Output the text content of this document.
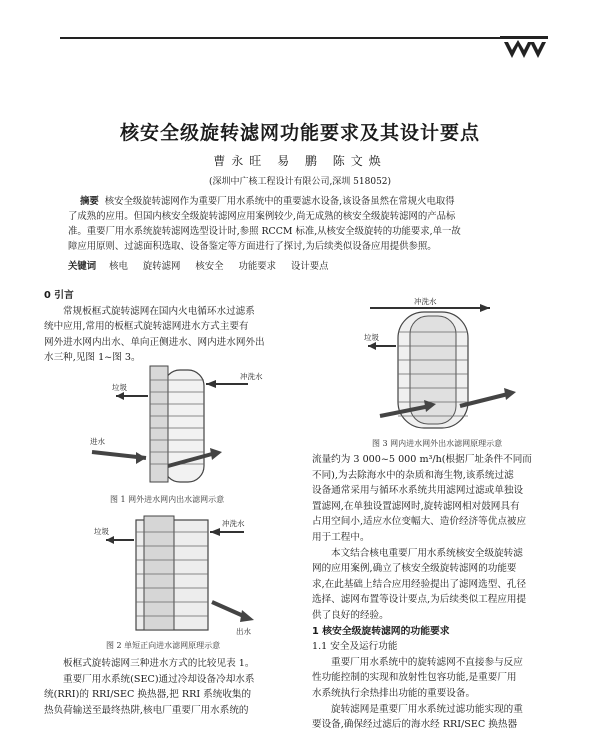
核安全级旋转滤网功能要求及其设计要点
曹永旺 易 鹏 陈文焕
(深圳中广核工程设计有限公司,深圳 518052)

摘要 核安全级旋转滤网作为重要厂用水系统中的重要滤水设备,该设备虽然在常规火电取得

了成熟的应用。但国内核安全级旋转滤网应用案例较少,尚无成熟的核安全级旋转滤网的产品标
准。重要厂用水系统旋转滤网选型设计时,参照 RCCM 标准,从核安全级旋转的功能要求,单一故
障应用原则、过滤面积选取、设备鉴定等方面进行了探讨,为后续类似设备应用提供参照。
关键词 核电 旋转滤网 核安全 功能要求 设计要点
0 引言

常规板框式旋转滤网在国内火电循环水过滤系

统中应用,常用的板框式旋转滤网进水方式主要有
网外进水网内出水、单向正侧进水、网内进水网外出
水三种,见图 1~图 3。
冲洗水
垃圾
进水
图 1 网外进水网内出水滤网示意
冲洗水
垃圾
出水
图 2 单短正向进水滤网原理示意

板框式旋转滤网三种进水方式的比较见表 1。

重要厂用水系统(SEC)通过冷却设备冷却水系

统(RRI)的 RRI/SEC 换热器,把 RRI 系统收集的
热负荷输送至最终热阱,核电厂重要厂用水系统的
冲洗水
垃圾
图 3 网内进水网外出水滤网原理示意
流量约为 3 000~5 000 m³/h(根据厂址条件不同而
不同),为去除海水中的杂质和海生物,该系统过滤
设备通常采用与循环水系统共用滤网过滤或单独设
置滤网,在单独设置滤网时,旋转滤网相对鼓网具有
占用空间小,适应水位变幅大、造价经济等优点被应
用于工程中。

本文结合核电重要厂用水系统核安全级旋转滤

网的应用案例,确立了核安全级旋转滤网的功能要
求,在此基础上结合应用经验提出了滤网选型、孔径
选择、滤网布置等设计要点,为后续类似工程应用提
供了良好的经验。
1 核安全级旋转滤网的功能要求
1.1 安全及运行功能

重要厂用水系统中的旋转滤网不直接参与反应

性功能控制的实现和放射性包容功能,是重要厂用
水系统执行余热排出功能的重要设备。

旋转滤网是重要厂用水系统过滤功能实现的重

要设备,确保经过滤后的海水经 RRI/SEC 换热器
